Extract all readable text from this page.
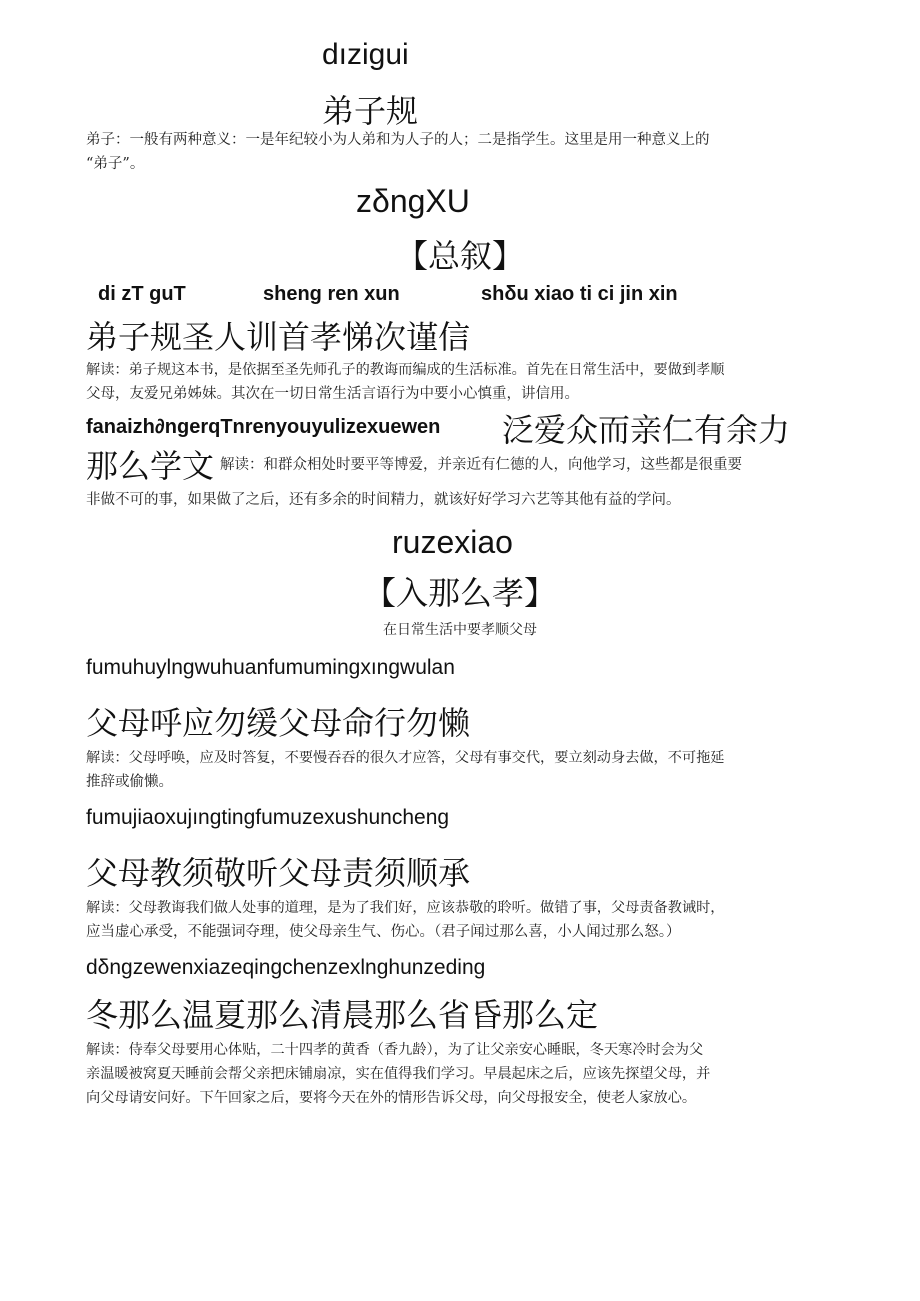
dızigui
弟子规
弟子：一般有两种意义：一是年纪较小为人弟和为人子的人；二是指学生。这里是用一种意义上的
“弟子”。
zδngXU
【总叙】
di zT guT	sheng ren xun	shδu xiao ti ci jin xin
弟子规圣人训首孝悌次谨信
解读：弟子规这本书，是依据至圣先师孔子的教诲而编成的生活标准。首先在日常生活中，要做到孝顺
父母，友爱兄弟姊妹。其次在一切日常生活言语行为中要小心慎重，讲信用。
fanaizh∂ngerqTnrenyouyulizexuewen 泛爱众而亲仁有余力
那么学文 解读：和群众相处时要平等博爱，并亲近有仁德的人，向他学习，这些都是很重要
非做不可的事，如果做了之后，还有多余的时间精力，就该好好学习六艺等其他有益的学问。
ruzexiao
【入那么孝】
在日常生活中要孝顺父母
fumuhuylngwuhuanfumumingxıngwulan
父母呼应勿缓父母命行勿懒
解读：父母呼唤，应及时答复，不要慢吞吞的很久才应答，父母有事交代，要立刻动身去做，不可拖延
推辞或偷懒。
fumujiaoxujıngtingfumuzexushuncheng
父母教须敬听父母责须顺承
解读：父母教诲我们做人处事的道理，是为了我们好，应该恭敬的聆听。做错了事，父母责备教诫时，
应当虚心承受，不能强词夺理，使父母亲生气、伤心。（君子闻过那么喜，小人闻过那么怒。）
dδngzewenxiazeqingchenzexlnghunzeding
冬那么温夏那么清晨那么省昏那么定
解读：侍奉父母要用心体贴，二十四孝的黄香（香九龄），为了让父亲安心睡眠，冬天寒冷时会为父
亲温暖被窝夏天睡前会帮父亲把床铺扇凉，实在值得我们学习。早晨起床之后，应该先探望父母，并
向父母请安问好。下午回家之后，要将今天在外的情形告诉父母，向父母报安全，使老人家放心。
